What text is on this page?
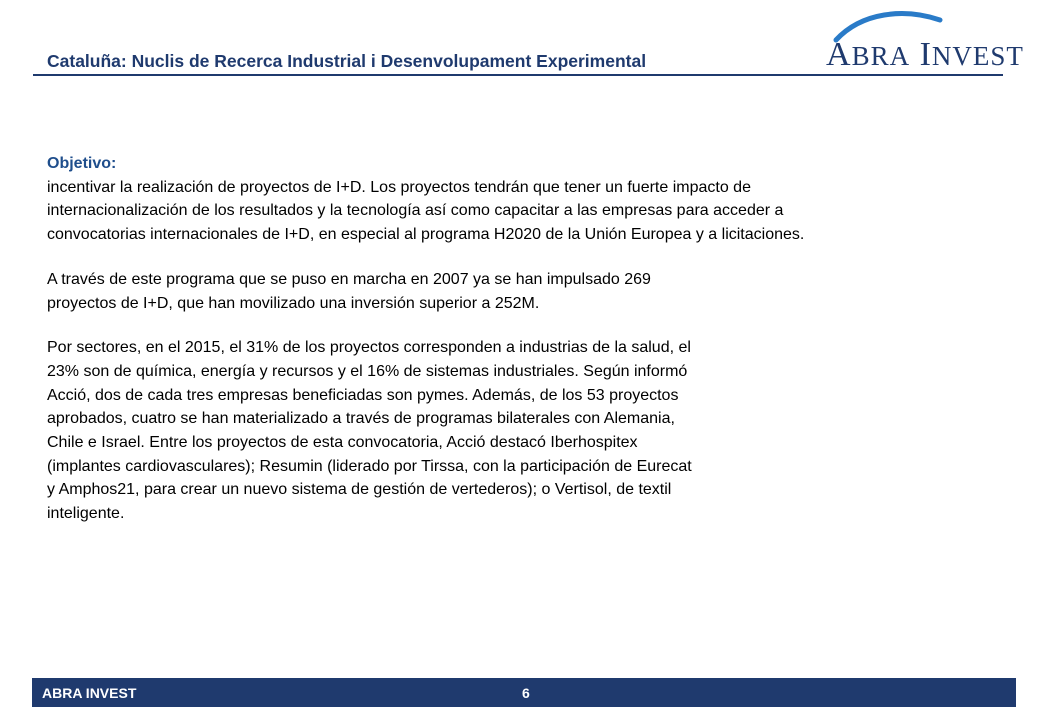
Cataluña: Nuclis de Recerca Industrial i Desenvolupament Experimental	ABRA INVEST

Objetivo:

incentivar la realización de proyectos de I+D. Los proyectos tendrán que tener un fuerte impacto de
internacionalización de los resultados y la tecnología así como capacitar a las empresas para acceder a
convocatorias internacionales de I+D, en especial al programa H2020 de la Unión Europea y a licitaciones.

A través de este programa que se puso en marcha en 2007 ya se han impulsado 269
proyectos de I+D, que han movilizado una inversión superior a 252M.

Por sectores, en el 2015, el 31% de los proyectos corresponden a industrias de la salud, el
23% son de química, energía y recursos y el 16% de sistemas industriales. Según informó
Acció, dos de cada tres empresas beneficiadas son pymes. Además, de los 53 proyectos
aprobados, cuatro se han materializado a través de programas bilaterales con Alemania,
Chile e Israel. Entre los proyectos de esta convocatoria, Acció destacó Iberhospitex
(implantes cardiovasculares); Resumin (liderado por Tirssa, con la participación de Eurecat
y Amphos21, para crear un nuevo sistema de gestión de vertederos); o Vertisol, de textil
inteligente.

ABRA INVEST	6
